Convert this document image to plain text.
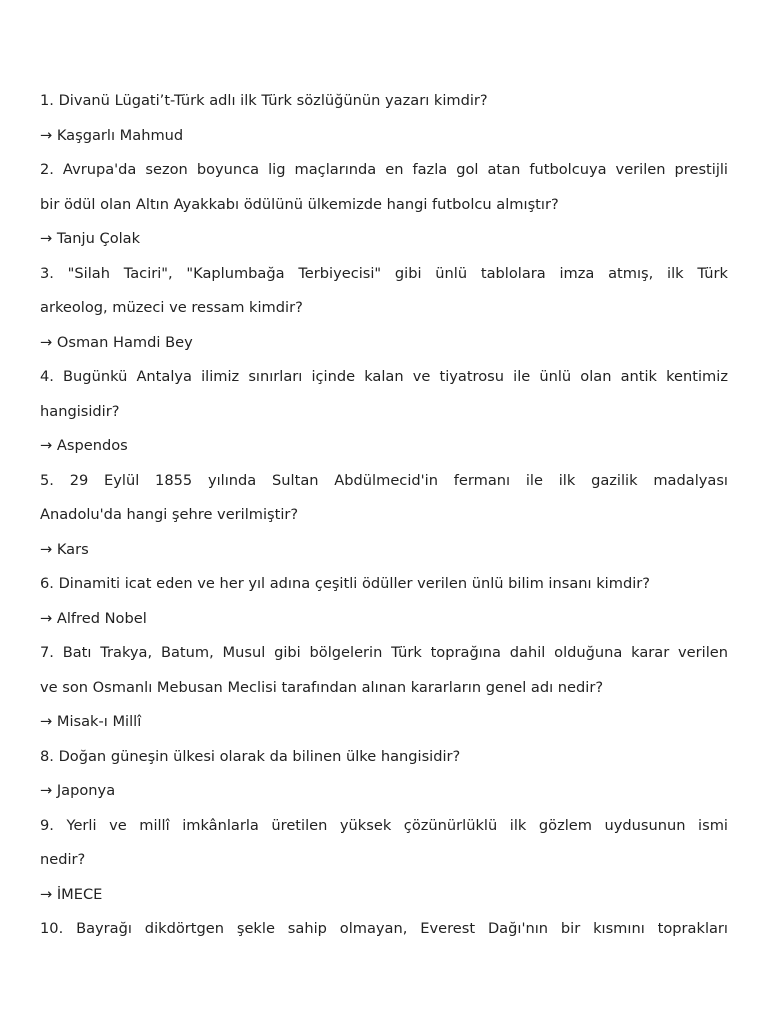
1. Divanü Lügati’t-Türk adlı ilk Türk sözlüğünün yazarı kimdir?
→ Kaşgarlı Mahmud
2. Avrupa'da sezon boyunca lig maçlarında en fazla gol atan futbolcuya verilen prestijli
bir ödül olan Altın Ayakkabı ödülünü ülkemizde hangi futbolcu almıştır?
→ Tanju Çolak
3. "Silah Taciri", "Kaplumbağa Terbiyecisi" gibi ünlü tablolara imza atmış, ilk Türk
arkeolog, müzeci ve ressam kimdir?
→ Osman Hamdi Bey
4. Bugünkü Antalya ilimiz sınırları içinde kalan ve tiyatrosu ile ünlü olan antik kentimiz
hangisidir?
→ Aspendos
5. 29 Eylül 1855 yılında Sultan Abdülmecid'in fermanı ile ilk gazilik madalyası
Anadolu'da hangi şehre verilmiştir?
→ Kars
6. Dinamiti icat eden ve her yıl adına çeşitli ödüller verilen ünlü bilim insanı kimdir?
→ Alfred Nobel
7. Batı Trakya, Batum, Musul gibi bölgelerin Türk toprağına dahil olduğuna karar verilen
ve son Osmanlı Mebusan Meclisi tarafından alınan kararların genel adı nedir?
→ Misak-ı Millî
8. Doğan güneşin ülkesi olarak da bilinen ülke hangisidir?
→ Japonya
9. Yerli ve millî imkânlarla üretilen yüksek çözünürlüklü ilk gözlem uydusunun ismi
nedir?
→ İMECE
10. Bayrağı dikdörtgen şekle sahip olmayan, Everest Dağı'nın bir kısmını toprakları
